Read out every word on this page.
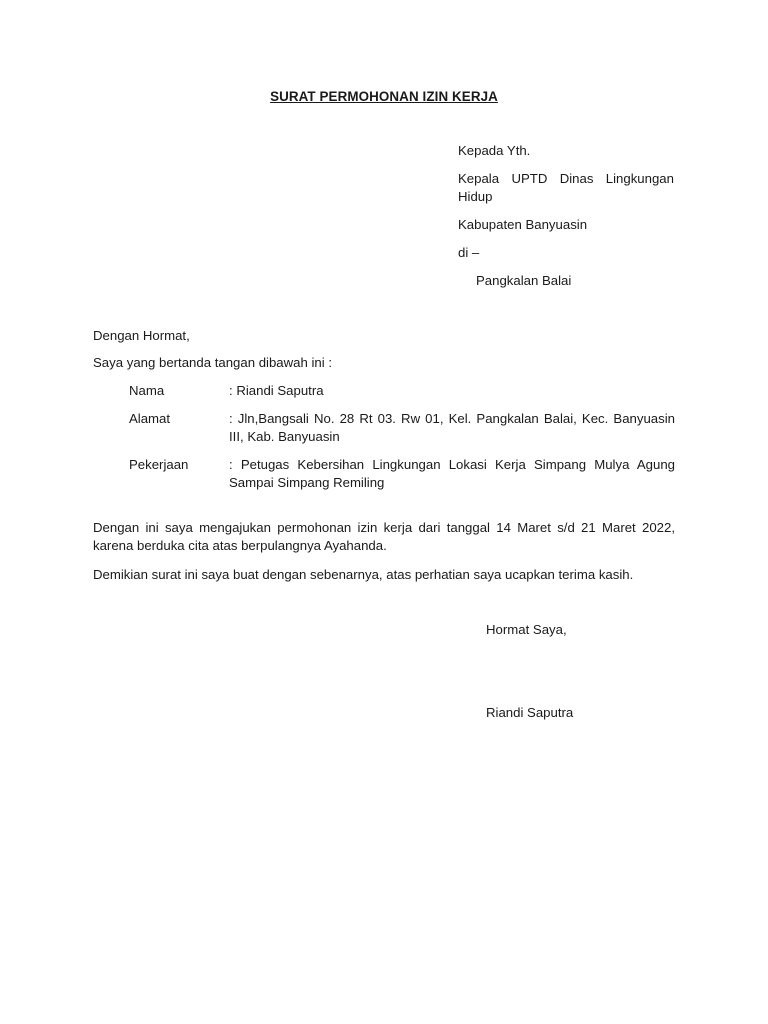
SURAT PERMOHONAN IZIN KERJA
Kepada Yth.
Kepala UPTD Dinas Lingkungan
Hidup
Kabupaten Banyuasin
di –
Pangkalan Balai
Dengan Hormat,
Saya yang bertanda tangan dibawah ini :
Nama	: Riandi Saputra
Alamat	: Jln,Bangsali No. 28 Rt 03. Rw 01, Kel. Pangkalan Balai, Kec. Banyuasin III, Kab. Banyuasin
Pekerjaan	: Petugas Kebersihan Lingkungan Lokasi Kerja Simpang Mulya Agung Sampai Simpang Remiling
Dengan ini saya mengajukan permohonan izin kerja dari tanggal 14 Maret s/d 21 Maret 2022, karena berduka cita atas berpulangnya Ayahanda.
Demikian surat ini saya buat dengan sebenarnya, atas perhatian saya ucapkan terima kasih.
Hormat Saya,
Riandi Saputra
